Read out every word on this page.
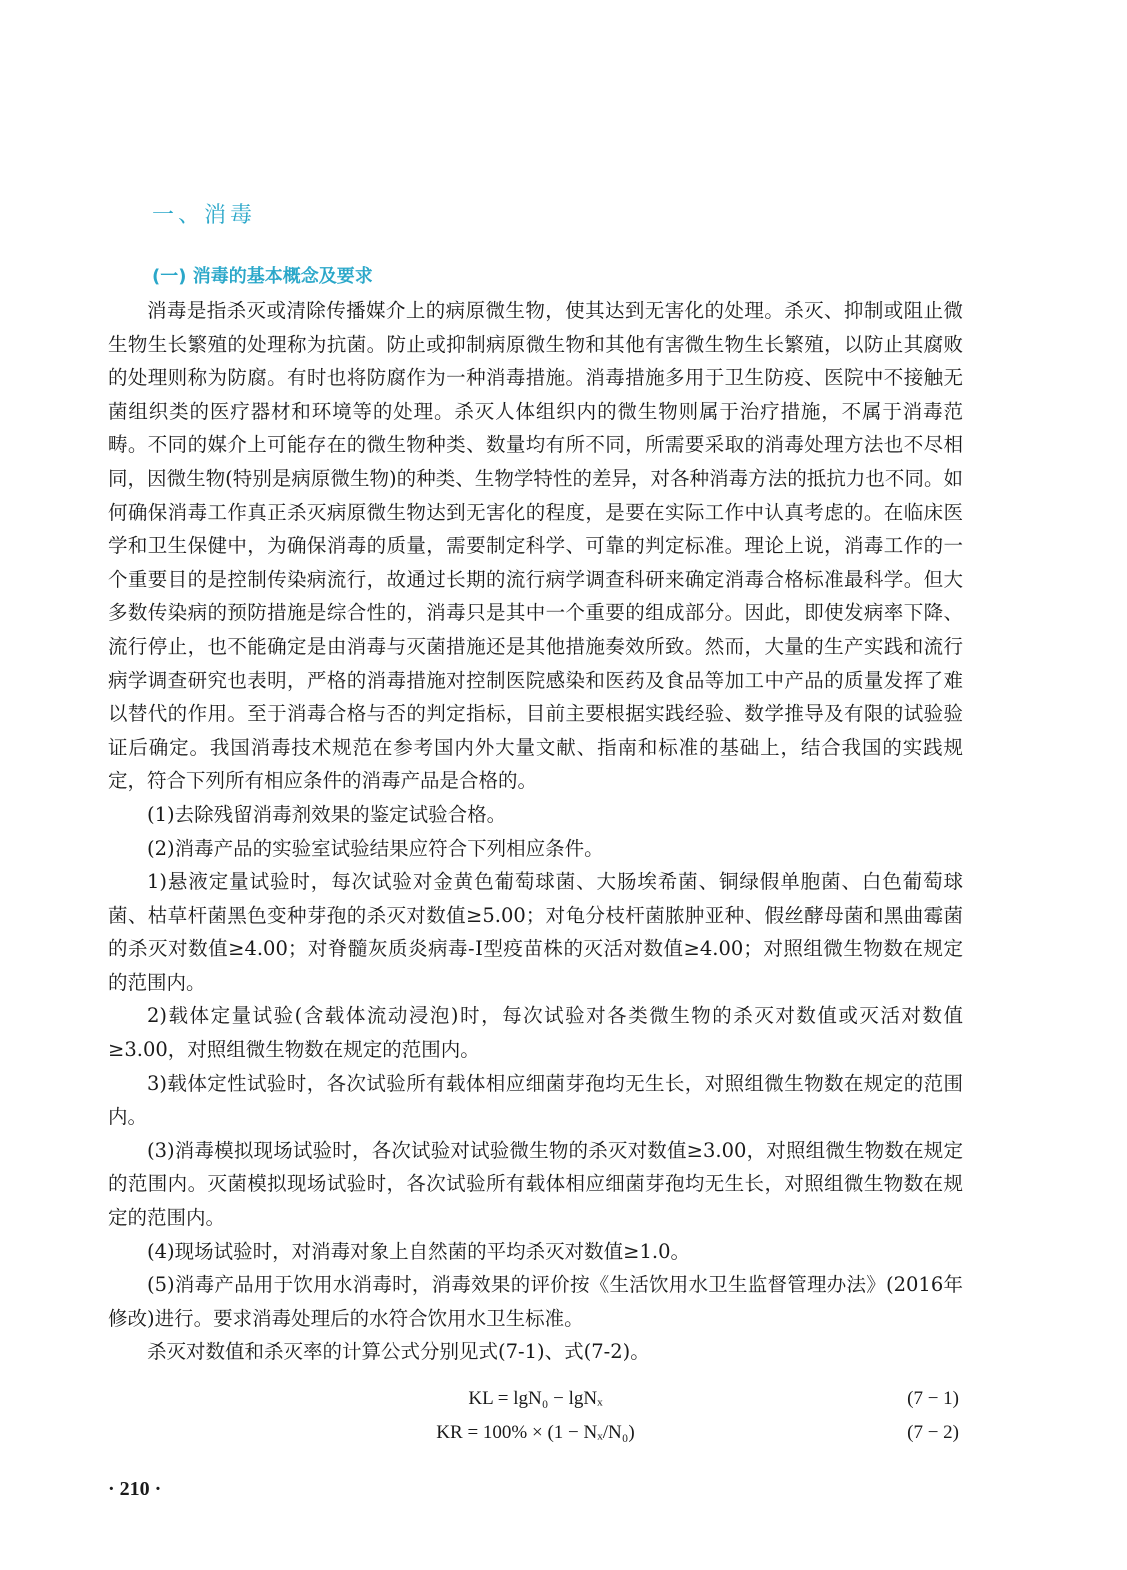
一、消毒
(一) 消毒的基本概念及要求

消毒是指杀灭或清除传播媒介上的病原微生物，使其达到无害化的处理。杀灭、抑制或阻止微生物生长繁殖的处理称为抗菌。防止或抑制病原微生物和其他有害微生物生长繁殖，以防止其腐败的处理则称为防腐。有时也将防腐作为一种消毒措施。消毒措施多用于卫生防疫、医院中不接触无菌组织类的医疗器材和环境等的处理。杀灭人体组织内的微生物则属于治疗措施，不属于消毒范畴。不同的媒介上可能存在的微生物种类、数量均有所不同，所需要采取的消毒处理方法也不尽相同，因微生物(特别是病原微生物)的种类、生物学特性的差异，对各种消毒方法的抵抗力也不同。如何确保消毒工作真正杀灭病原微生物达到无害化的程度，是要在实际工作中认真考虑的。在临床医学和卫生保健中，为确保消毒的质量，需要制定科学、可靠的判定标准。理论上说，消毒工作的一个重要目的是控制传染病流行，故通过长期的流行病学调查科研来确定消毒合格标准最科学。但大多数传染病的预防措施是综合性的，消毒只是其中一个重要的组成部分。因此，即使发病率下降、流行停止，也不能确定是由消毒与灭菌措施还是其他措施奏效所致。然而，大量的生产实践和流行病学调查研究也表明，严格的消毒措施对控制医院感染和医药及食品等加工中产品的质量发挥了难以替代的作用。至于消毒合格与否的判定指标，目前主要根据实践经验、数学推导及有限的试验验证后确定。我国消毒技术规范在参考国内外大量文献、指南和标准的基础上，结合我国的实践规定，符合下列所有相应条件的消毒产品是合格的。

(1)去除残留消毒剂效果的鉴定试验合格。

(2)消毒产品的实验室试验结果应符合下列相应条件。

1)悬液定量试验时，每次试验对金黄色葡萄球菌、大肠埃希菌、铜绿假单胞菌、白色葡萄球菌、枯草杆菌黑色变种芽孢的杀灭对数值≥5.00；对龟分枝杆菌脓肿亚种、假丝酵母菌和黑曲霉菌的杀灭对数值≥4.00；对脊髓灰质炎病毒-Ⅰ型疫苗株的灭活对数值≥4.00；对照组微生物数在规定的范围内。

2)载体定量试验(含载体流动浸泡)时，每次试验对各类微生物的杀灭对数值或灭活对数值≥3.00，对照组微生物数在规定的范围内。

3)载体定性试验时，各次试验所有载体相应细菌芽孢均无生长，对照组微生物数在规定的范围内。

(3)消毒模拟现场试验时，各次试验对试验微生物的杀灭对数值≥3.00，对照组微生物数在规定的范围内。灭菌模拟现场试验时，各次试验所有载体相应细菌芽孢均无生长，对照组微生物数在规定的范围内。

(4)现场试验时，对消毒对象上自然菌的平均杀灭对数值≥1.0。

(5)消毒产品用于饮用水消毒时，消毒效果的评价按《生活饮用水卫生监督管理办法》(2016年修改)进行。要求消毒处理后的水符合饮用水卫生标准。

杀灭对数值和杀灭率的计算公式分别见式(7-1)、式(7-2)。

KL = lgN₀ − lgNₓ	(7 − 1)
KR = 100% × (1 − Nₓ/N₀)	(7 − 2)
· 210 ·
